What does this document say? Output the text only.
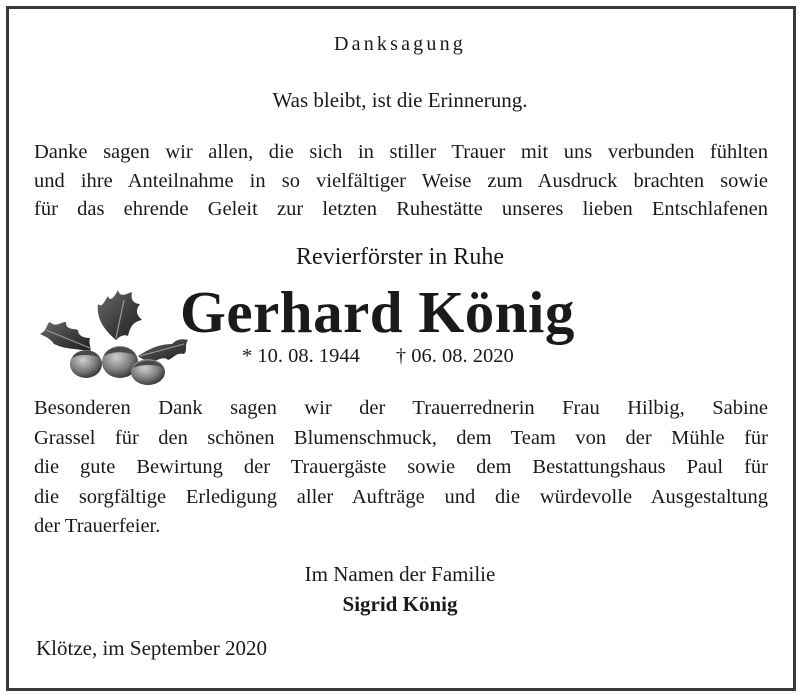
Danksagung
Was bleibt, ist die Erinnerung.
Danke sagen wir allen, die sich in stiller Trauer mit uns verbunden fühlten
und ihre Anteilnahme in so vielfältiger Weise zum Ausdruck brachten sowie
für das ehrende Geleit zur letzten Ruhestätte unseres lieben Entschlafenen
Revierförster in Ruhe
Gerhard König
* 10. 08. 1944 † 06. 08. 2020
Besonderen Dank sagen wir der Trauerrednerin Frau Hilbig, Sabine
Grassel für den schönen Blumenschmuck, dem Team von der Mühle für
die gute Bewirtung der Trauergäste sowie dem Bestattungshaus Paul für
die sorgfältige Erledigung aller Aufträge und die würdevolle Ausgestaltung
der Trauerfeier.
Im Namen der Familie
Sigrid König
Klötze, im September 2020
